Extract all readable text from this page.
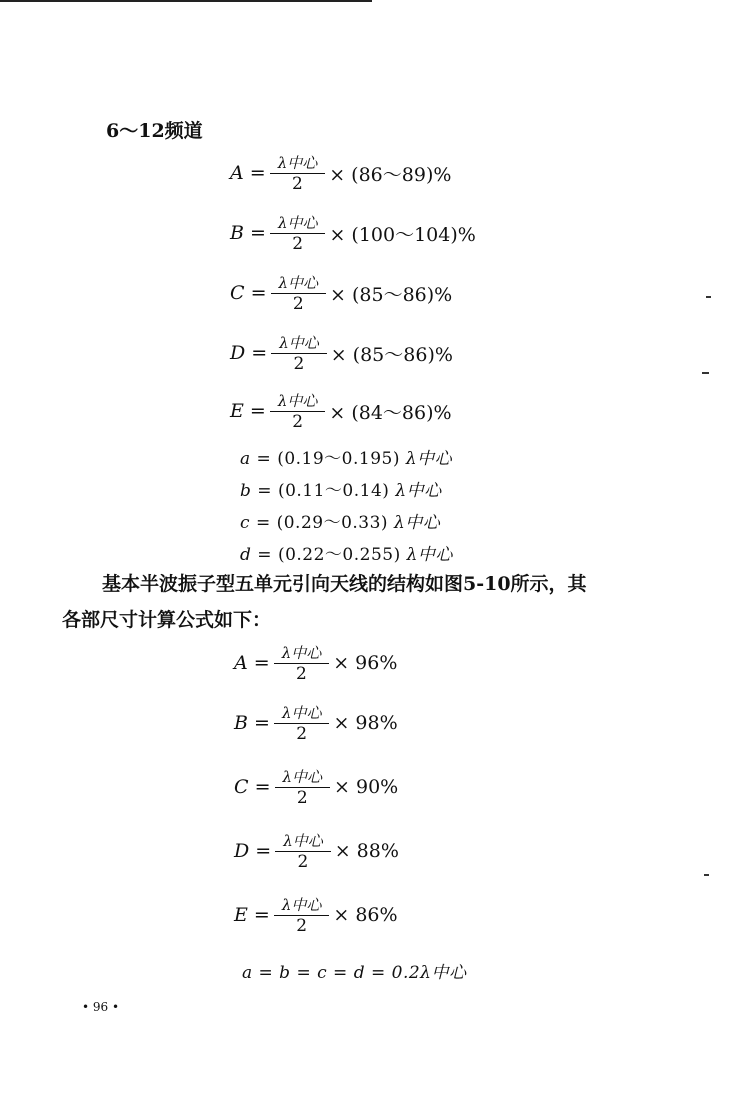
6～12频道
$A = \frac{\text{λ中心}}{2}$ × (86～89)%
$B = \frac{\text{λ中心}}{2}$ × (100～104)%
$C = \frac{\text{λ中心}}{2}$ × (85～86)%
$D = \frac{\text{λ中心}}{2}$ × (85～86)%
$E = \frac{\text{λ中心}}{2}$ × (84～86)%
a = (0.19～0.195) λ中心
b = (0.11～0.14) λ中心
c = (0.29～0.33) λ中心
d = (0.22～0.255) λ中心
基本半波振子型五单元引向天线的结构如图5-10所示，其
各部尺寸计算公式如下：
$A = \frac{\text{λ中心}}{2} \times 96\%$
$B = \frac{\text{λ中心}}{2} \times 98\%$
$C = \frac{\text{λ中心}}{2} \times 90\%$
$D = \frac{\text{λ中心}}{2} \times 88\%$
$E = \frac{\text{λ中心}}{2} \times 86\%$
a = b = c = d = 0.2λ中心
• 96 •
